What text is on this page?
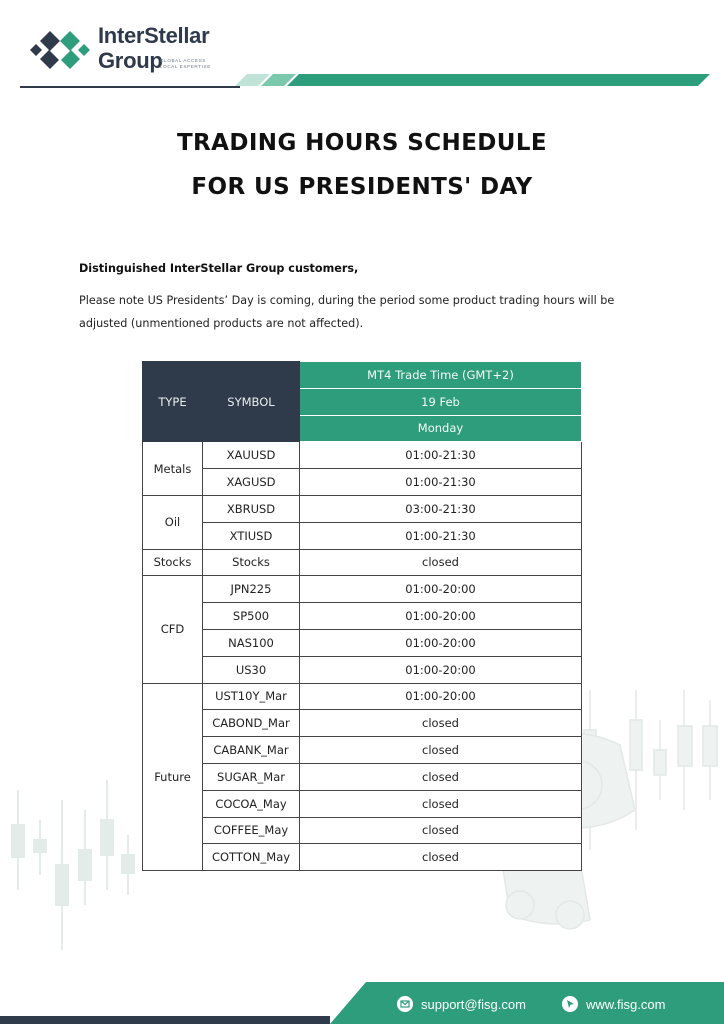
InterStellar
Group
GLOBAL ACCESS
LOCAL EXPERTISE
TRADING HOURS SCHEDULE
FOR US PRESIDENTS' DAY
Distinguished InterStellar Group customers,
Please note US Presidents’ Day is coming, during the period some product trading hours will be adjusted (unmentioned products are not affected).
TYPE	SYMBOL	MT4 Trade Time (GMT+2)
		19 Feb
		Monday
Metals	XAUUSD	01:00-21:30
	XAGUSD	01:00-21:30
Oil	XBRUSD	03:00-21:30
	XTIUSD	01:00-21:30
Stocks	Stocks	closed
CFD	JPN225	01:00-20:00
	SP500	01:00-20:00
	NAS100	01:00-20:00
	US30	01:00-20:00
Future	UST10Y_Mar	01:00-20:00
	CABOND_Mar	closed
	CABANK_Mar	closed
	SUGAR_Mar	closed
	COCOA_May	closed
	COFFEE_May	closed
	COTTON_May	closed
support@fisg.com	www.fisg.com
